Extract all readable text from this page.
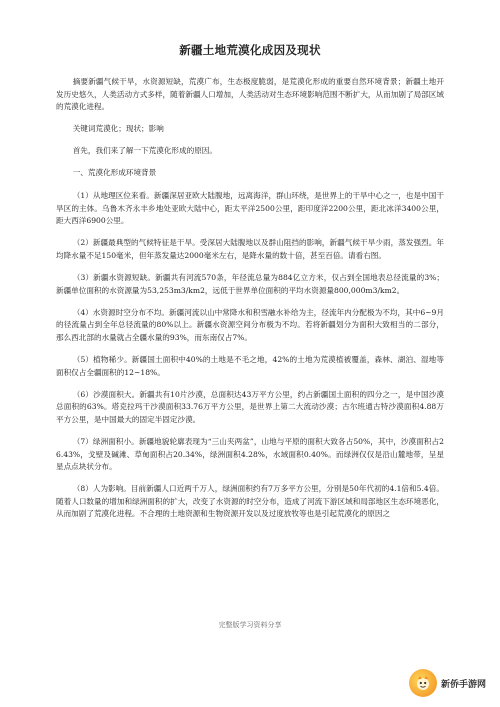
新疆土地荒漠化成因及现状

摘要新疆气候干旱，水资源短缺，荒漠广布，生态极度脆弱，是荒漠化形成的重要自然环境背景；新疆土地开发历史悠久，人类活动方式多样，随着新疆人口增加，人类活动对生态环境影响范围不断扩大，从而加剧了局部区域的荒漠化进程。

关键词荒漠化；现状；影响

首先，我们来了解一下荒漠化形成的原因。

一、荒漠化形成环境背景

（1）从地理区位来看。新疆深居亚欧大陆腹地，远离海洋，群山环绕，是世界上的干旱中心之一，也是中国干旱区的主体。乌鲁木齐永丰乡地处亚欧大陆中心，距太平洋2500公里，距印度洋2200公里，距北冰洋3400公里，距大西洋6900公里。

（2）新疆最典型的气候特征是干旱。受深居大陆腹地以及群山阻挡的影响，新疆气候干旱少雨，蒸发强烈。年均降水量不足150毫米，但年蒸发量达2000毫米左右，是降水量的数十倍，甚至百倍。请看右图。

（3）新疆水资源短缺。新疆共有河流570条，年径流总量为884亿立方米，仅占到全国地表总径流量的3%；新疆单位面积的水资源量为53,253m3/km2，远低于世界单位面积的平均水资源量800,000m3/km2。

（4）水资源时空分布不均。新疆河流以山中常降水和积雪融水补给为主，径流年内分配极为不均，其中6~9月的径流量占到全年总径流量的80%以上。新疆水资源空间分布极为不均。若将新疆划分为面积大致相当的二部分，那么西北部的水量就占全疆水量的93%，而东南仅占7%。

（5）植物稀少。新疆国土面积中40%的土地是不毛之地，42%的土地为荒漠植被覆盖，森林、湖泊、湿地等面积仅占全疆面积的12~18%。

（6）沙漠面积大。新疆共有10片沙漠，总面积达43万平方公里，约占新疆国土面积的四分之一，是中国沙漠总面积的63%。塔克拉玛干沙漠面积33.76万平方公里，是世界上第二大流动沙漠；古尔班通古特沙漠面积4.88万平方公里，是中国最大的固定半固定沙漠。

（7）绿洲面积小。新疆地貌轮廓表现为“三山夹两盆”，山地与平原的面积大致各占50%，其中，沙漠面积占26.43%，戈壁及碱滩、草甸面积占20.34%，绿洲面积4.28%，水域面积0.40%。而绿洲仅仅是沿山麓地带，呈星星点点块状分布。

（8）人为影响。目前新疆人口近两千万人，绿洲面积约有7万多平方公里，分别是50年代初的4.1倍和5.4倍。随着人口数量的增加和绿洲面积的扩大，改变了水资源的时空分布，造成了河流下游区域和局部地区生态环境恶化，从而加剧了荒漠化进程。不合理的土地资源和生物资源开发以及过度放牧等也是引起荒漠化的原因之

完整版学习资料分享
新侨手游网
